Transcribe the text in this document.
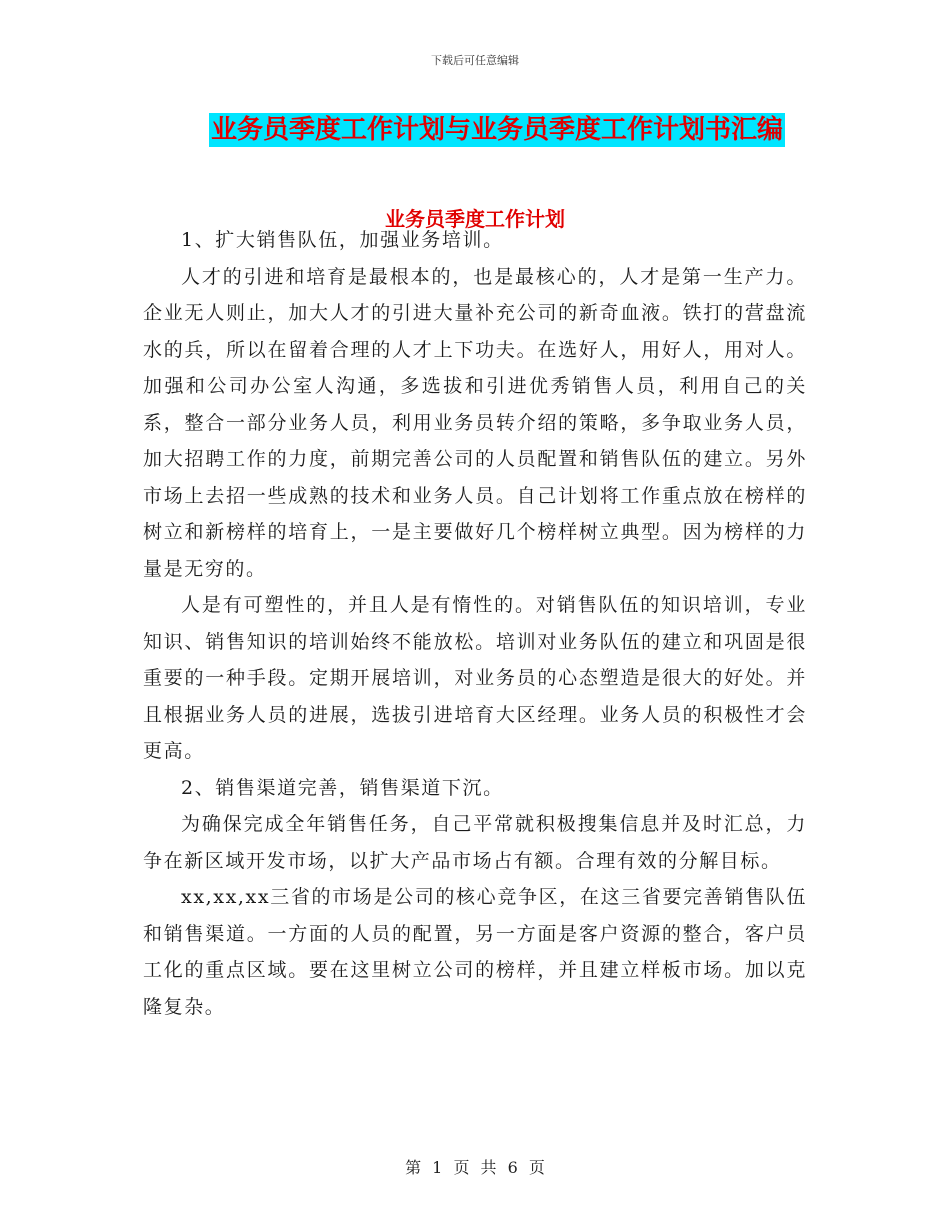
下载后可任意编辑
业务员季度工作计划与业务员季度工作计划书汇编
业务员季度工作计划

1、扩大销售队伍，加强业务培训。

人才的引进和培育是最根本的，也是最核心的，人才是第一生产力。企业无人则止，加大人才的引进大量补充公司的新奇血液。铁打的营盘流水的兵，所以在留着合理的人才上下功夫。在选好人，用好人，用对人。加强和公司办公室人沟通，多选拔和引进优秀销售人员，利用自己的关系，整合一部分业务人员，利用业务员转介绍的策略，多争取业务人员，加大招聘工作的力度，前期完善公司的人员配置和销售队伍的建立。另外市场上去招一些成熟的技术和业务人员。自己计划将工作重点放在榜样的树立和新榜样的培育上，一是主要做好几个榜样树立典型。因为榜样的力量是无穷的。

人是有可塑性的，并且人是有惰性的。对销售队伍的知识培训，专业知识、销售知识的培训始终不能放松。培训对业务队伍的建立和巩固是很重要的一种手段。定期开展培训，对业务员的心态塑造是很大的好处。并且根据业务人员的进展，选拔引进培育大区经理。业务人员的积极性才会更高。

2、销售渠道完善，销售渠道下沉。

为确保完成全年销售任务，自己平常就积极搜集信息并及时汇总，力争在新区域开发市场，以扩大产品市场占有额。合理有效的分解目标。

xx,xx,xx三省的市场是公司的核心竞争区，在这三省要完善销售队伍和销售渠道。一方面的人员的配置，另一方面是客户资源的整合，客户员工化的重点区域。要在这里树立公司的榜样，并且建立样板市场。加以克隆复杂。

第 1 页 共 6 页
